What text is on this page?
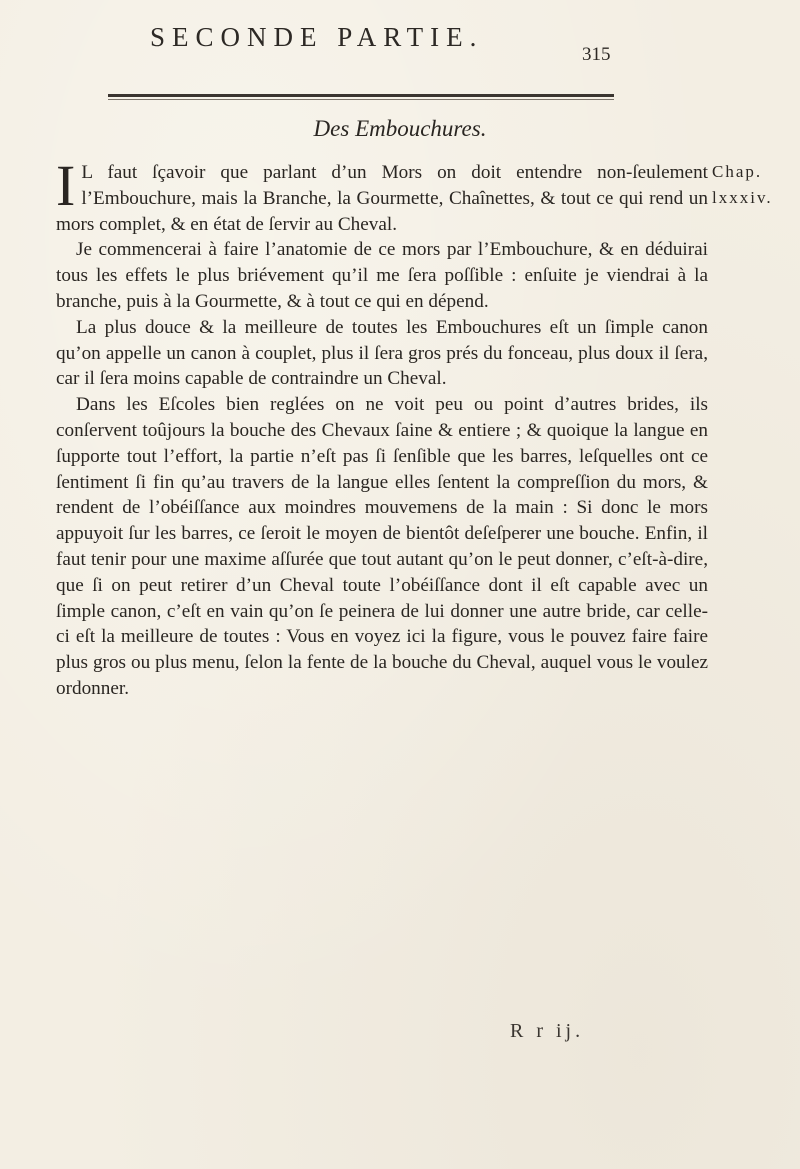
SECONDE PARTIE.
315
Des Embouchures.
Chap.
lxxxiv.

I L faut ſçavoir que parlant d’un Mors on doit entendre non-ſeulement l’Embouchure, mais la Branche, la Gourmette, Chaînettes, & tout ce qui rend un mors complet, & en état de ſervir au Cheval.

Je commencerai à faire l’anatomie de ce mors par l’Embouchure, & en déduirai tous les effets le plus briévement qu’il me ſera poſſible : enſuite je viendrai à la branche, puis à la Gourmette, & à tout ce qui en dépend.

La plus douce & la meilleure de toutes les Embouchures eſt un ſimple canon qu’on appelle un canon à couplet, plus il ſera gros prés du fonceau, plus doux il ſera, car il ſera moins capable de contraindre un Cheval.

Dans les Eſcoles bien reglées on ne voit peu ou point d’autres brides, ils conſervent toûjours la bouche des Chevaux ſaine & entiere ; & quoique la langue en ſupporte tout l’effort, la partie n’eſt pas ſi ſenſible que les barres, leſquelles ont ce ſentiment ſi fin qu’au travers de la langue elles ſentent la compreſſion du mors, & rendent de l’obéiſſance aux moindres mouvemens de la main : Si donc le mors appuyoit ſur les barres, ce ſeroit le moyen de bientôt deſeſperer une bouche. Enfin, il faut tenir pour une maxime aſſurée que tout autant qu’on le peut donner, c’eſt-à-dire, que ſi on peut retirer d’un Cheval toute l’obéiſſance dont il eſt capable avec un ſimple canon, c’eſt en vain qu’on ſe peinera de lui donner une autre bride, car celle-ci eſt la meilleure de toutes : Vous en voyez ici la figure, vous le pouvez faire faire plus gros ou plus menu, ſelon la fente de la bouche du Cheval, auquel vous le voulez ordonner.

R r ij.
